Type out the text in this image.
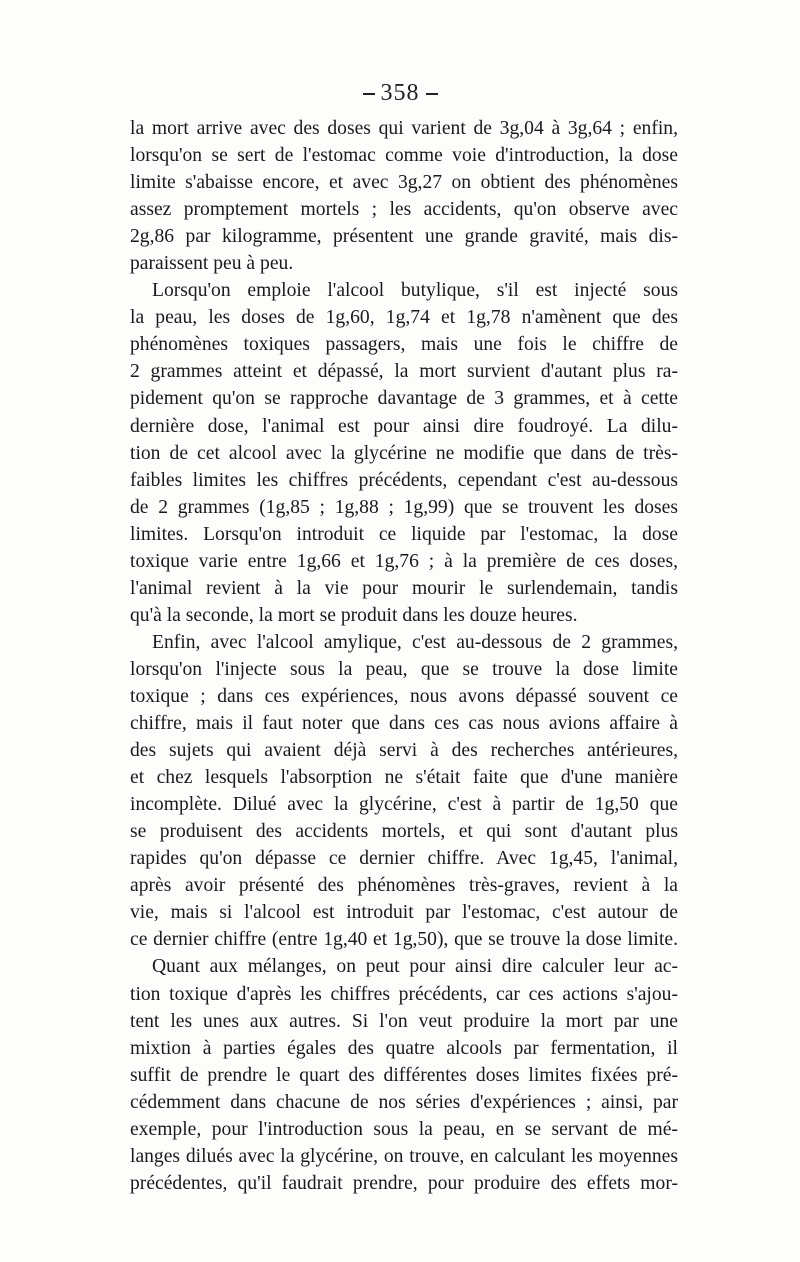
358
la mort arrive avec des doses qui varient de 3g,04 à 3g,64 ; enfin,
lorsqu'on se sert de l'estomac comme voie d'introduction, la dose
limite s'abaisse encore, et avec 3g,27 on obtient des phénomènes
assez promptement mortels ; les accidents, qu'on observe avec
2g,86 par kilogramme, présentent une grande gravité, mais dis-
paraissent peu à peu.
Lorsqu'on emploie l'alcool butylique, s'il est injecté sous
la peau, les doses de 1g,60, 1g,74 et 1g,78 n'amènent que des
phénomènes toxiques passagers, mais une fois le chiffre de
2 grammes atteint et dépassé, la mort survient d'autant plus ra-
pidement qu'on se rapproche davantage de 3 grammes, et à cette
dernière dose, l'animal est pour ainsi dire foudroyé. La dilu-
tion de cet alcool avec la glycérine ne modifie que dans de très-
faibles limites les chiffres précédents, cependant c'est au-dessous
de 2 grammes (1g,85 ; 1g,88 ; 1g,99) que se trouvent les doses
limites. Lorsqu'on introduit ce liquide par l'estomac, la dose
toxique varie entre 1g,66 et 1g,76 ; à la première de ces doses,
l'animal revient à la vie pour mourir le surlendemain, tandis
qu'à la seconde, la mort se produit dans les douze heures.
Enfin, avec l'alcool amylique, c'est au-dessous de 2 grammes,
lorsqu'on l'injecte sous la peau, que se trouve la dose limite
toxique ; dans ces expériences, nous avons dépassé souvent ce
chiffre, mais il faut noter que dans ces cas nous avions affaire à
des sujets qui avaient déjà servi à des recherches antérieures,
et chez lesquels l'absorption ne s'était faite que d'une manière
incomplète. Dilué avec la glycérine, c'est à partir de 1g,50 que
se produisent des accidents mortels, et qui sont d'autant plus
rapides qu'on dépasse ce dernier chiffre. Avec 1g,45, l'animal,
après avoir présenté des phénomènes très-graves, revient à la
vie, mais si l'alcool est introduit par l'estomac, c'est autour de
ce dernier chiffre (entre 1g,40 et 1g,50), que se trouve la dose limite.
Quant aux mélanges, on peut pour ainsi dire calculer leur ac-
tion toxique d'après les chiffres précédents, car ces actions s'ajou-
tent les unes aux autres. Si l'on veut produire la mort par une
mixtion à parties égales des quatre alcools par fermentation, il
suffit de prendre le quart des différentes doses limites fixées pré-
cédemment dans chacune de nos séries d'expériences ; ainsi, par
exemple, pour l'introduction sous la peau, en se servant de mé-
langes dilués avec la glycérine, on trouve, en calculant les moyennes
précédentes, qu'il faudrait prendre, pour produire des effets mor-
